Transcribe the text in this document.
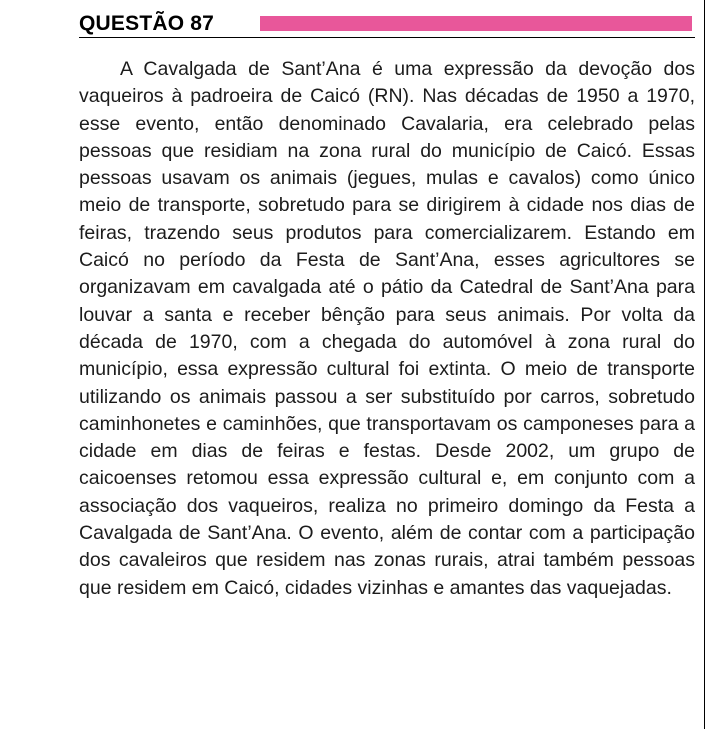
QUESTÃO 87

A Cavalgada de Sant’Ana é uma expressão da devoção dos vaqueiros à padroeira de Caicó (RN). Nas décadas de 1950 a 1970, esse evento, então denominado Cavalaria, era celebrado pelas pessoas que residiam na zona rural do município de Caicó. Essas pessoas usavam os animais (jegues, mulas e cavalos) como único meio de transporte, sobretudo para se dirigirem à cidade nos dias de feiras, trazendo seus produtos para comercializarem. Estando em Caicó no período da Festa de Sant’Ana, esses agricultores se organizavam em cavalgada até o pátio da Catedral de Sant’Ana para louvar a santa e receber bênção para seus animais. Por volta da década de 1970, com a chegada do automóvel à zona rural do município, essa expressão cultural foi extinta. O meio de transporte utilizando os animais passou a ser substituído por carros, sobretudo caminhonetes e caminhões, que transportavam os camponeses para a cidade em dias de feiras e festas. Desde 2002, um grupo de caicoenses retomou essa expressão cultural e, em conjunto com a associação dos vaqueiros, realiza no primeiro domingo da Festa a Cavalgada de Sant’Ana. O evento, além de contar com a participação dos cavaleiros que residem nas zonas rurais, atrai também pessoas que residem em Caicó, cidades vizinhas e amantes das vaquejadas.
